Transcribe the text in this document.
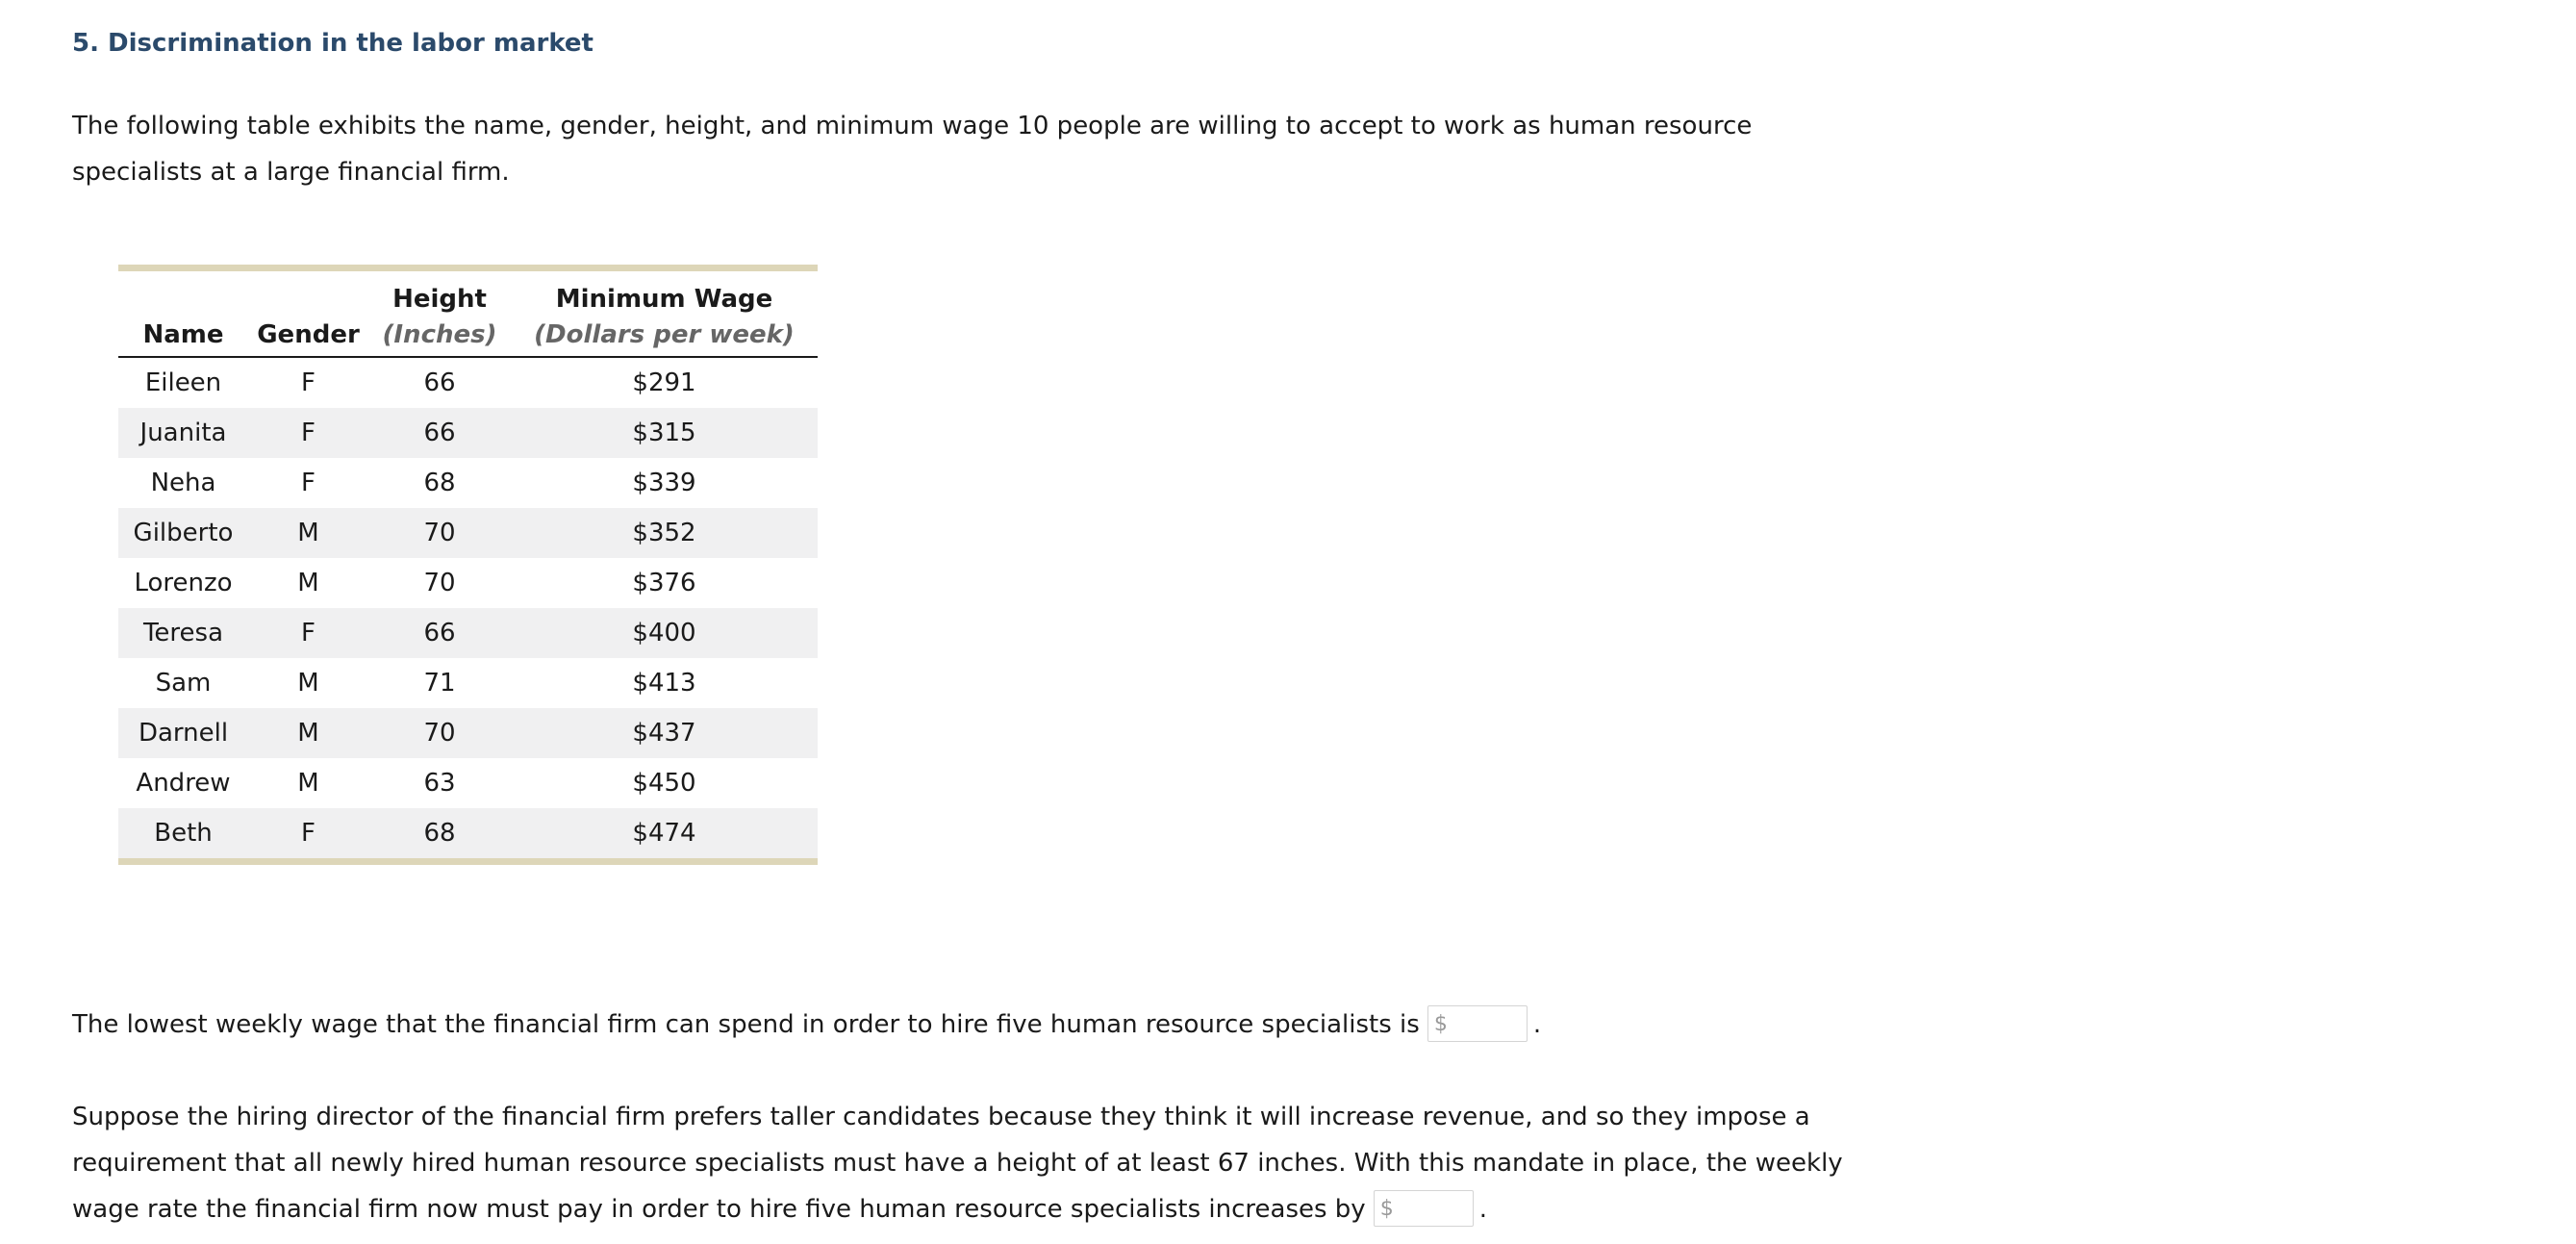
5. Discrimination in the labor market

The following table exhibits the name, gender, height, and minimum wage 10 people are willing to accept to work as human resource specialists at a large financial firm.

		Height	Minimum Wage
Name	Gender	(Inches)	(Dollars per week)
Eileen	F	66	$291
Juanita	F	66	$315
Neha	F	68	$339
Gilberto	M	70	$352
Lorenzo	M	70	$376
Teresa	F	66	$400
Sam	M	71	$413
Darnell	M	70	$437
Andrew	M	63	$450
Beth	F	68	$474

The lowest weekly wage that the financial firm can spend in order to hire five human resource specialists is $	.

Suppose the hiring director of the financial firm prefers taller candidates because they think it will increase revenue, and so they impose a requirement that all newly hired human resource specialists must have a height of at least 67 inches. With this mandate in place, the weekly wage rate the financial firm now must pay in order to hire five human resource specialists increases by $	.
